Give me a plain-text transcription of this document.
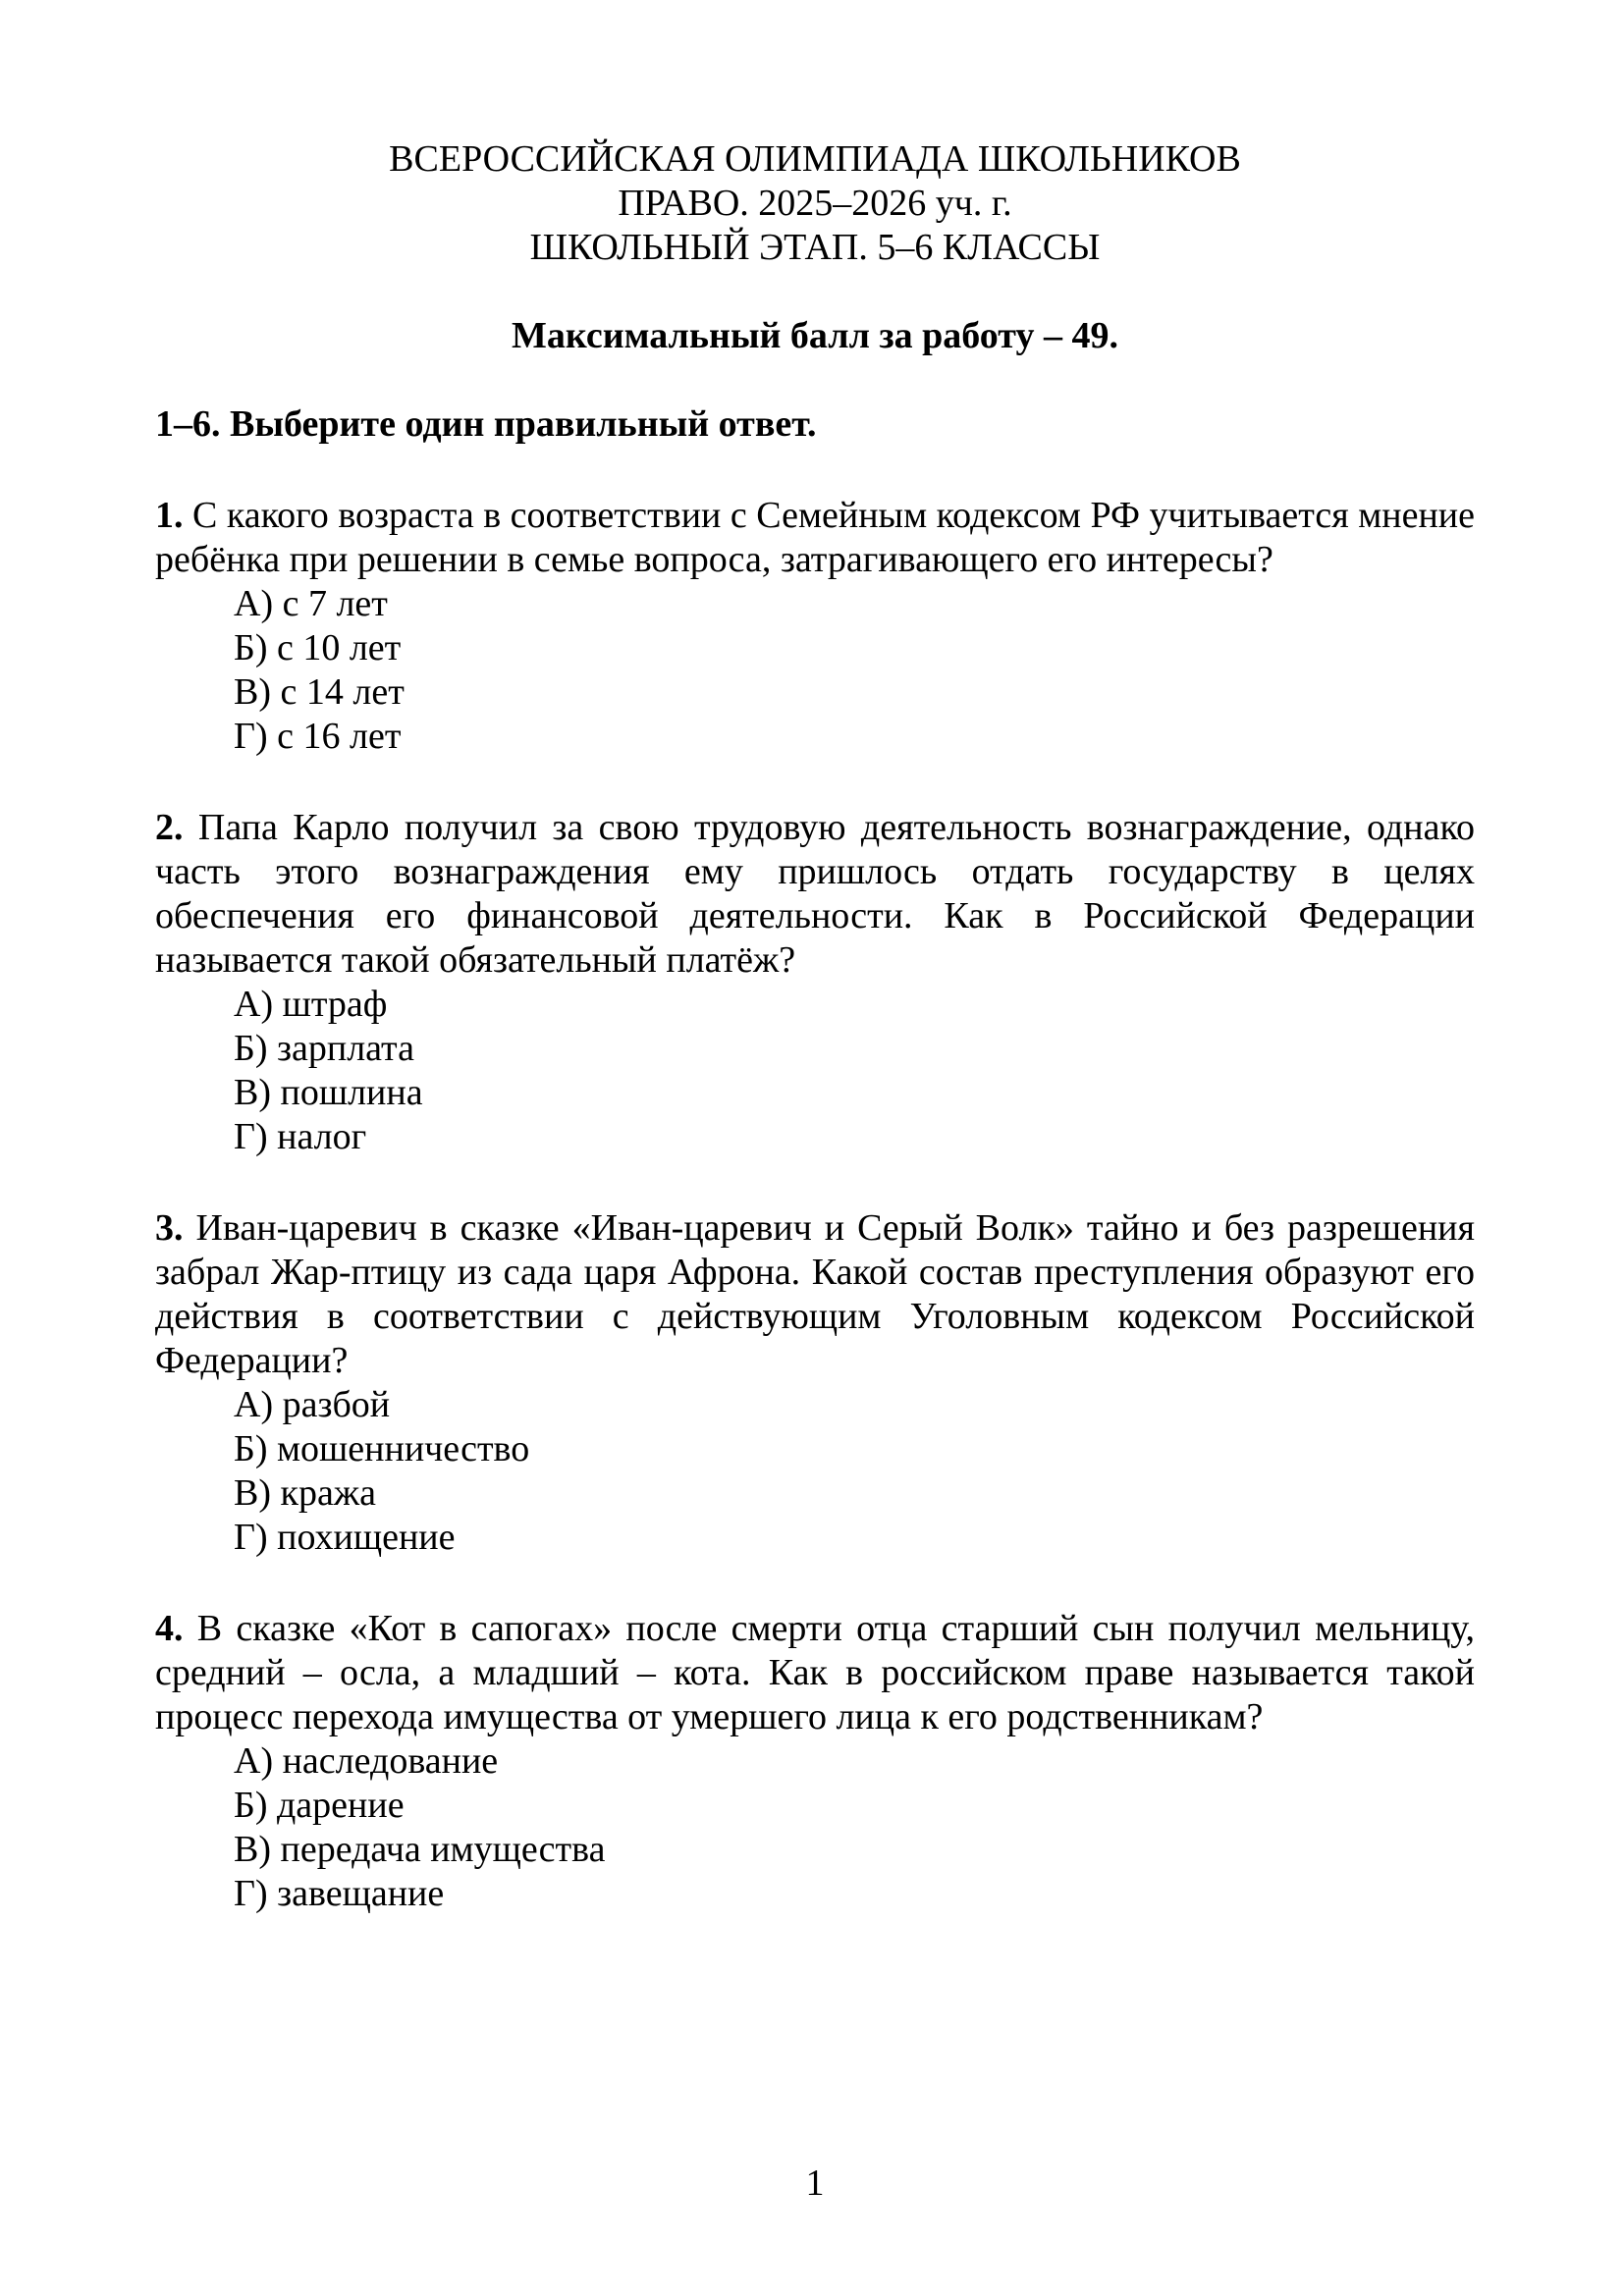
ВСЕРОССИЙСКАЯ ОЛИМПИАДА ШКОЛЬНИКОВ
ПРАВО. 2025–2026 уч. г.
ШКОЛЬНЫЙ ЭТАП. 5–6 КЛАССЫ

Максимальный балл за работу – 49.

1–6. Выберите один правильный ответ.

1. С какого возраста в соответствии с Семейным кодексом РФ учитывается мнение ребёнка при решении в семье вопроса, затрагивающего его интересы?

А) с 7 лет
Б) с 10 лет
В) с 14 лет
Г) с 16 лет

2. Папа Карло получил за свою трудовую деятельность вознаграждение, однако часть этого вознаграждения ему пришлось отдать государству в целях обеспечения его финансовой деятельности. Как в Российской Федерации называется такой обязательный платёж?

А) штраф
Б) зарплата
В) пошлина
Г) налог

3. Иван-царевич в сказке «Иван-царевич и Серый Волк» тайно и без разрешения забрал Жар-птицу из сада царя Афрона. Какой состав преступления образуют его действия в соответствии с действующим Уголовным кодексом Российской Федерации?

А) разбой
Б) мошенничество
В) кража
Г) похищение

4. В сказке «Кот в сапогах» после смерти отца старший сын получил мельницу, средний – осла, а младший – кота. Как в российском праве называется такой процесс перехода имущества от умершего лица к его родственникам?

А) наследование
Б) дарение
В) передача имущества
Г) завещание
1
